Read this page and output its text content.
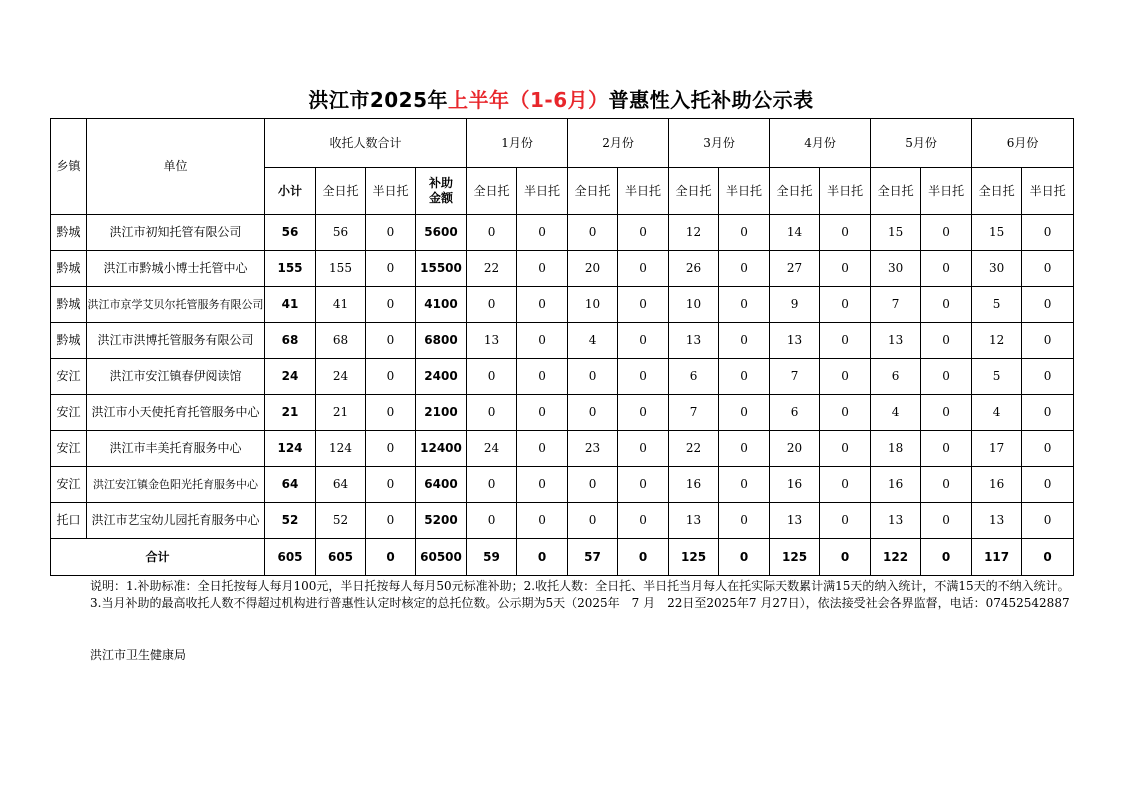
洪江市2025年上半年（1-6月）普惠性入托补助公示表
乡镇	单位	收托人数合计				1月份		2月份		3月份		4月份		5月份		6月份	
		小计	全日托	半日托	补助金额	全日托	半日托	全日托	半日托	全日托	半日托	全日托	半日托	全日托	半日托	全日托	半日托
黔城	洪江市初知托管有限公司	56	56	0	5600	0	0	0	0	12	0	14	0	15	0	15	0
黔城	洪江市黔城小博士托管中心	155	155	0	15500	22	0	20	0	26	0	27	0	30	0	30	0
黔城	洪江市京学艾贝尔托管服务有限公司	41	41	0	4100	0	0	10	0	10	0	9	0	7	0	5	0
黔城	洪江市洪博托管服务有限公司	68	68	0	6800	13	0	4	0	13	0	13	0	13	0	12	0
安江	洪江市安江镇春伊阅读馆	24	24	0	2400	0	0	0	0	6	0	7	0	6	0	5	0
安江	洪江市小天使托育托管服务中心	21	21	0	2100	0	0	0	0	7	0	6	0	4	0	4	0
安江	洪江市丰美托育服务中心	124	124	0	12400	24	0	23	0	22	0	20	0	18	0	17	0
安江	洪江安江镇金色阳光托育服务中心	64	64	0	6400	0	0	0	0	16	0	16	0	16	0	16	0
托口	洪江市艺宝幼儿园托育服务中心	52	52	0	5200	0	0	0	0	13	0	13	0	13	0	13	0
合计		605	605	0	60500	59	0	57	0	125	0	125	0	122	0	117	0
说明：1.补助标准：全日托按每人每月100元，半日托按每人每月50元标准补助；2.收托人数：全日托、半日托当月每人在托实际天数累计满15天的纳入统计，不满15天的不纳入统计。3.当月补助的最高收托人数不得超过机构进行普惠性认定时核定的总托位数。公示期为5天（2025年　7 月　22日至2025年7 月27日），依法接受社会各界监督，电话：07452542887
洪江市卫生健康局
